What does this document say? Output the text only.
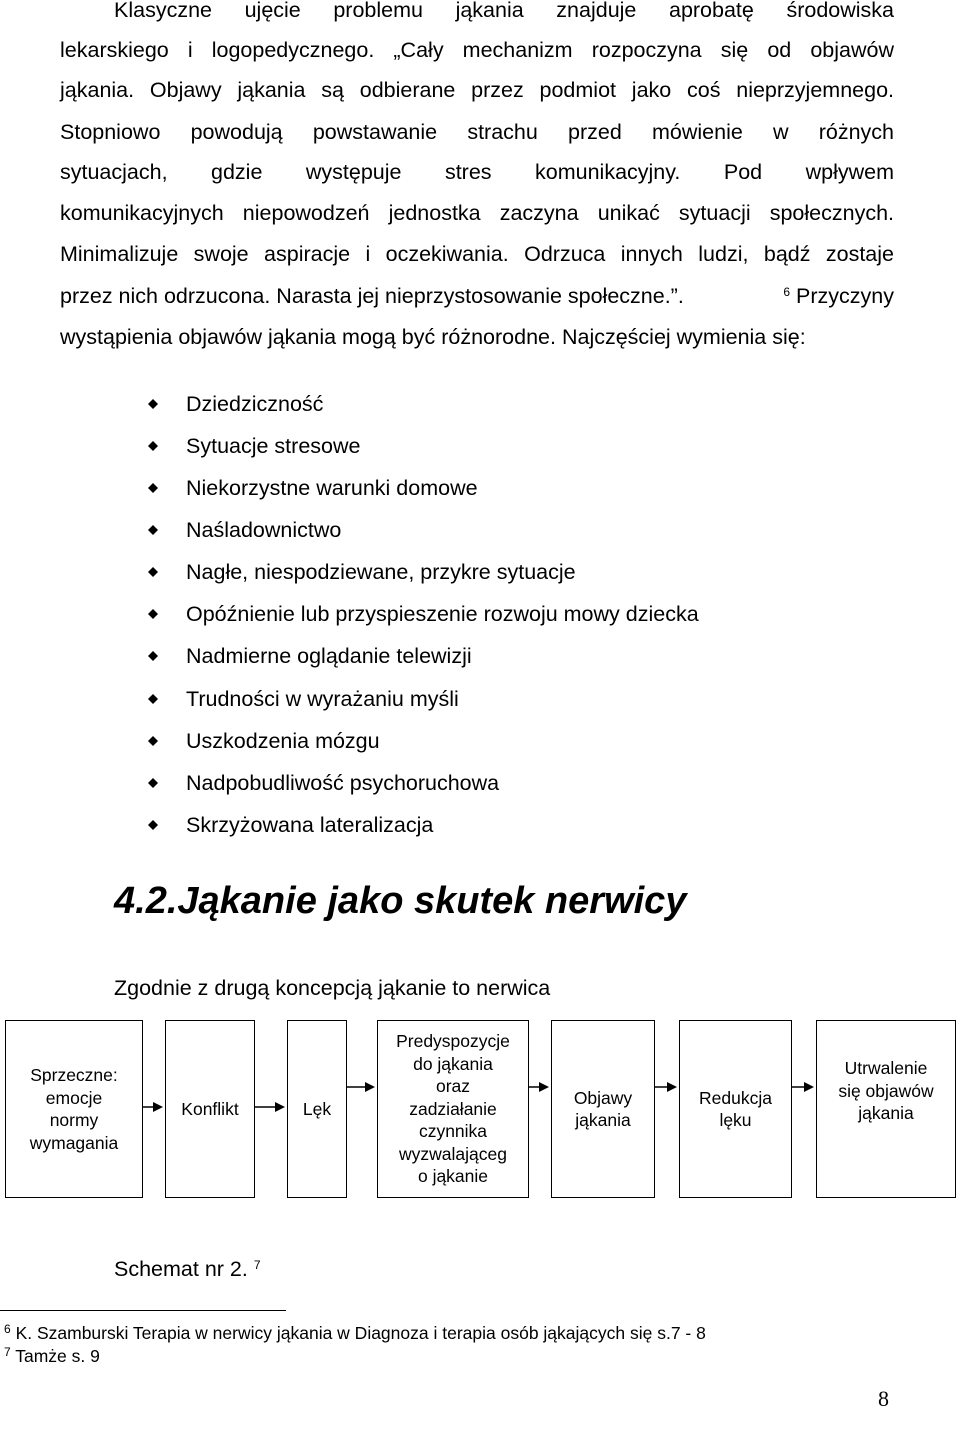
Klasyczne ujęcie problemu jąkania znajduje aprobatę środowiska
lekarskiego i logopedycznego. „Cały mechanizm rozpoczyna się od objawów
jąkania. Objawy jąkania są odbierane przez podmiot jako coś nieprzyjemnego.
Stopniowo powodują powstawanie strachu przed mówienie w różnych
sytuacjach, gdzie występuje stres komunikacyjny. Pod wpływem
komunikacyjnych niepowodzeń jednostka zaczyna unikać sytuacji społecznych.
Minimalizuje swoje aspiracje i oczekiwania. Odrzuca innych ludzi, bądź zostaje
przez nich odrzucona. Narasta jej nieprzystosowanie społeczne.”.	$^6$ Przyczyny
wystąpienia objawów jąkania mogą być różnorodne. Najczęściej wymienia się:
Dziedziczność
Sytuacje stresowe
Niekorzystne warunki domowe
Naśladownictwo
Nagłe, niespodziewane, przykre sytuacje
Opóźnienie lub przyspieszenie rozwoju mowy dziecka
Nadmierne oglądanie telewizji
Trudności w wyrażaniu myśli
Uszkodzenia mózgu
Nadpobudliwość psychoruchowa
Skrzyżowana lateralizacja
4.2.Jąkanie jako skutek nerwicy
Zgodnie z drugą koncepcją jąkanie to nerwica
Sprzeczne:
emocje
normy
wymagania
Konflikt	Lęk
Predyspozycje
do jąkania
oraz
zadziałanie
czynnika
wyzwalająceg
o jąkanie
Objawy
jąkania
Redukcja
lęku
Utrwalenie
się objawów
jąkania
Schemat nr 2. $^7$
$^6$ K. Szamburski Terapia w nerwicy jąkania w Diagnoza i terapia osób jąkających się s.7 - 8
$^7$ Tamże s. 9
8
